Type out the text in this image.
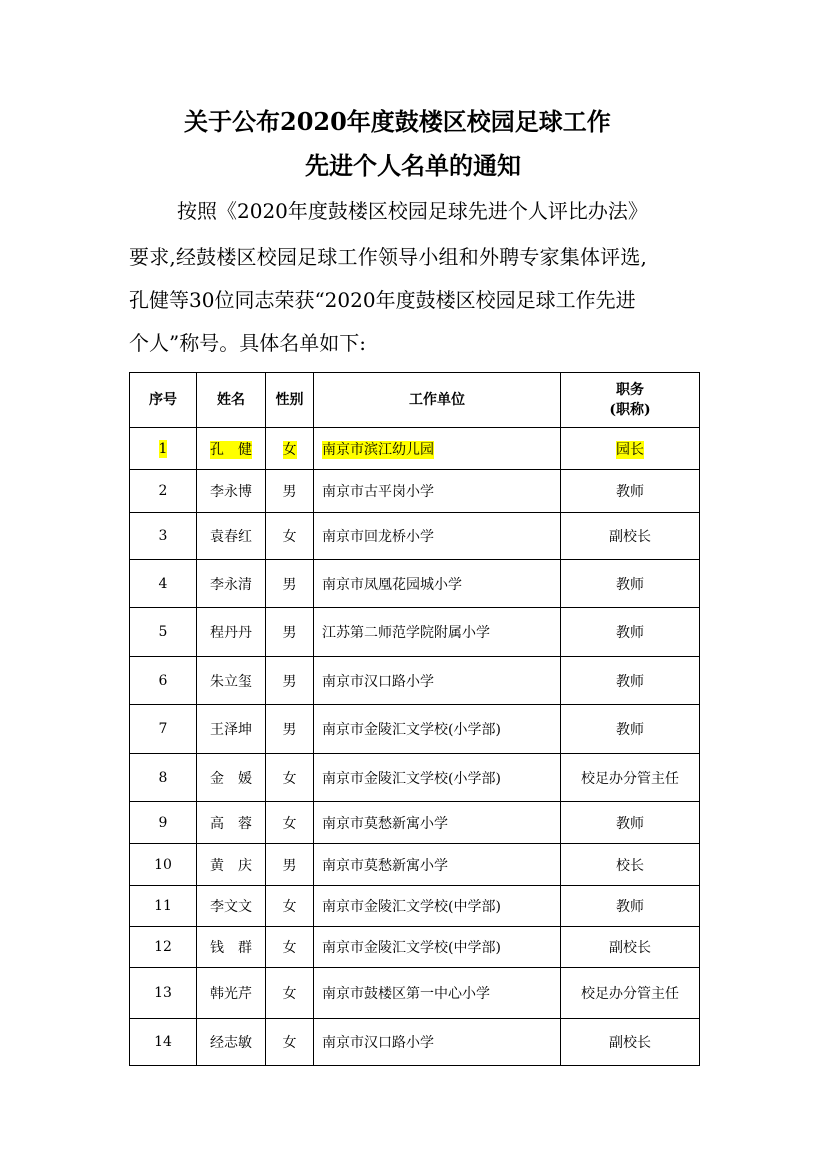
关于公布2020年度鼓楼区校园足球工作
先进个人名单的通知
按照《2020年度鼓楼区校园足球先进个人评比办法》
要求,经鼓楼区校园足球工作领导小组和外聘专家集体评选,
孔健等30位同志荣获“2020年度鼓楼区校园足球工作先进
个人”称号。具体名单如下:
序号	姓名	性别	工作单位	职务
(职称)

1	孔　健	女	南京市滨江幼儿园	园长
2	李永博	男	南京市古平岗小学	教师
3	袁春红	女	南京市回龙桥小学	副校长
4	李永清	男	南京市凤凰花园城小学	教师
5	程丹丹	男	江苏第二师范学院附属小学	教师
6	朱立玺	男	南京市汉口路小学	教师
7	王泽坤	男	南京市金陵汇文学校(小学部)	教师
8	金　媛	女	南京市金陵汇文学校(小学部)	校足办分管主任
9	高　蓉	女	南京市莫愁新寓小学	教师
10	黄　庆	男	南京市莫愁新寓小学	校长
11	李文文	女	南京市金陵汇文学校(中学部)	教师
12	钱　群	女	南京市金陵汇文学校(中学部)	副校长
13	韩光芹	女	南京市鼓楼区第一中心小学	校足办分管主任
14	经志敏	女	南京市汉口路小学	副校长
